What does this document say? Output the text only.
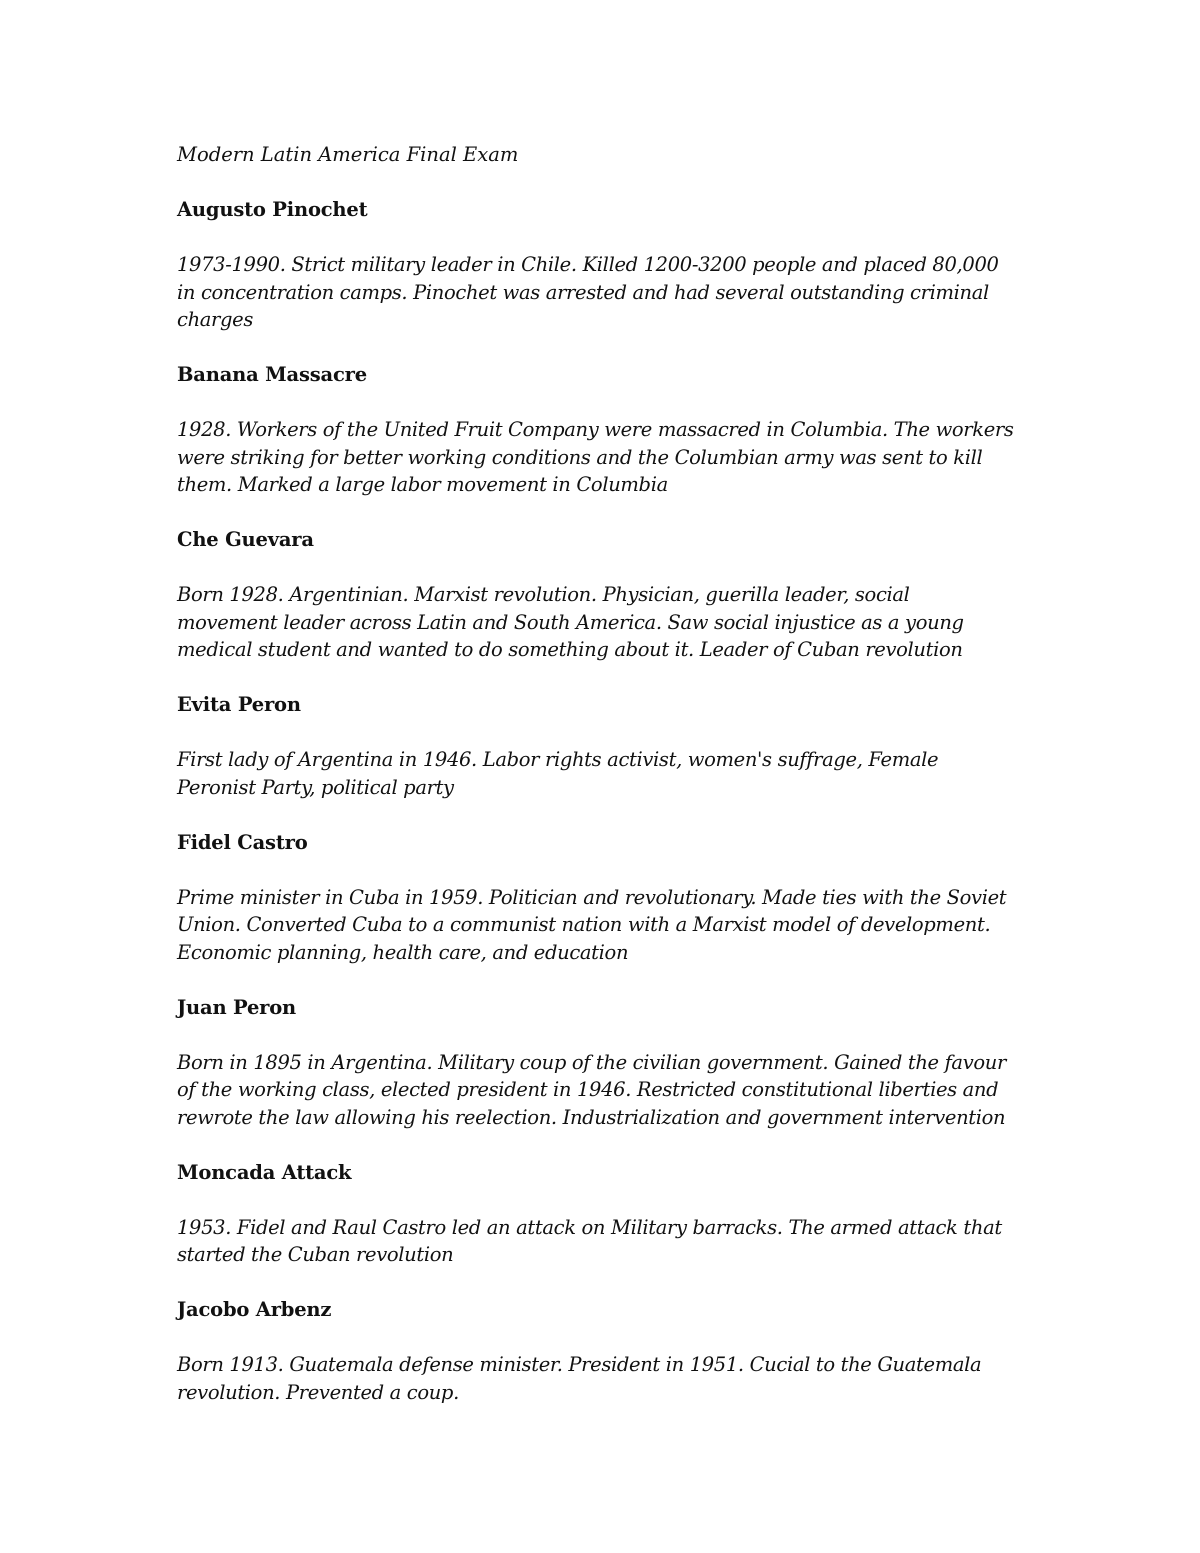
Modern Latin America Final Exam
Augusto Pinochet
1973-1990. Strict military leader in Chile. Killed 1200-3200 people and placed 80,000
in concentration camps. Pinochet was arrested and had several outstanding criminal
charges
Banana Massacre
1928. Workers of the United Fruit Company were massacred in Columbia. The workers
were striking for better working conditions and the Columbian army was sent to kill
them. Marked a large labor movement in Columbia
Che Guevara
Born 1928. Argentinian. Marxist revolution. Physician, guerilla leader, social
movement leader across Latin and South America. Saw social injustice as a young
medical student and wanted to do something about it. Leader of Cuban revolution
Evita Peron
First lady of Argentina in 1946. Labor rights activist, women's suffrage, Female
Peronist Party, political party
Fidel Castro
Prime minister in Cuba in 1959. Politician and revolutionary. Made ties with the Soviet
Union. Converted Cuba to a communist nation with a Marxist model of development.
Economic planning, health care, and education
Juan Peron
Born in 1895 in Argentina. Military coup of the civilian government. Gained the favour
of the working class, elected president in 1946. Restricted constitutional liberties and
rewrote the law allowing his reelection. Industrialization and government intervention
Moncada Attack
1953. Fidel and Raul Castro led an attack on Military barracks. The armed attack that
started the Cuban revolution
Jacobo Arbenz
Born 1913. Guatemala defense minister. President in 1951. Cucial to the Guatemala
revolution. Prevented a coup.
